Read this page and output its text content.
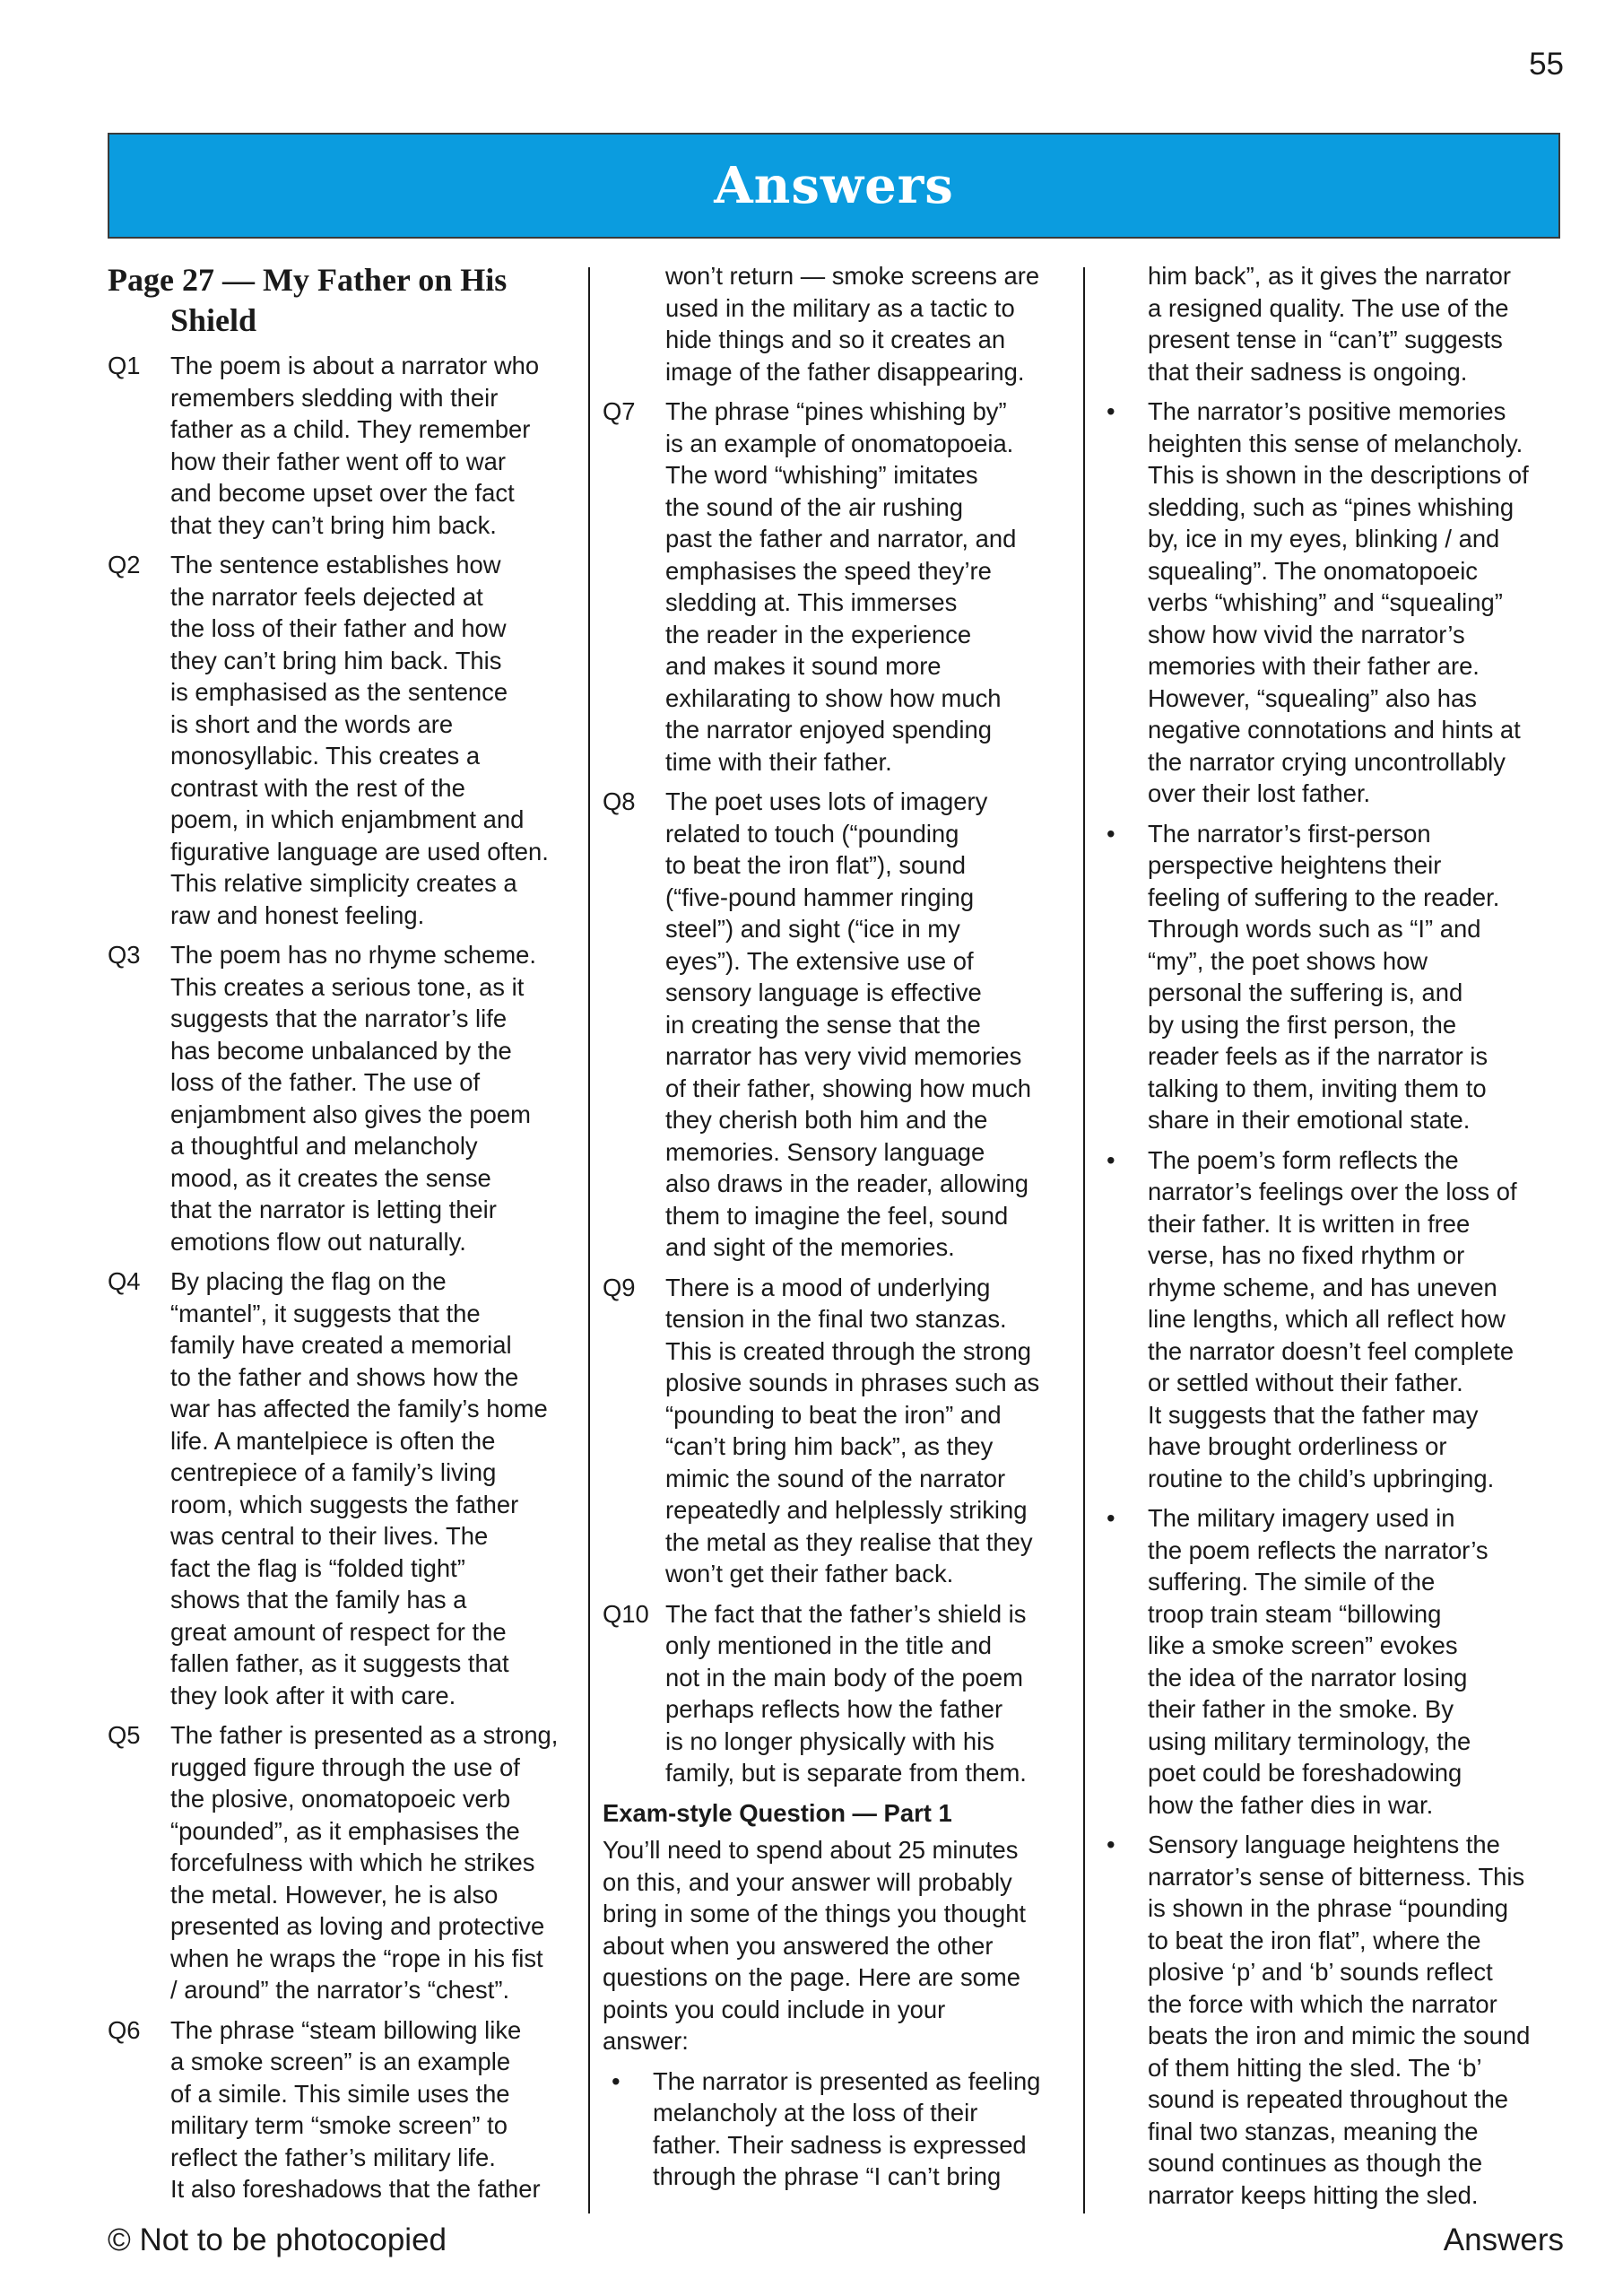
55
Answers
Page 27 — My Father on His Shield
Q1	The poem is about a narrator who
remembers sledding with their
father as a child. They remember
how their father went off to war
and become upset over the fact
that they can’t bring him back.
Q2	The sentence establishes how
the narrator feels dejected at
the loss of their father and how
they can’t bring him back. This
is emphasised as the sentence
is short and the words are
monosyllabic. This creates a
contrast with the rest of the
poem, in which enjambment and
figurative language are used often.
This relative simplicity creates a
raw and honest feeling.
Q3	The poem has no rhyme scheme.
This creates a serious tone, as it
suggests that the narrator’s life
has become unbalanced by the
loss of the father. The use of
enjambment also gives the poem
a thoughtful and melancholy
mood, as it creates the sense
that the narrator is letting their
emotions flow out naturally.
Q4	By placing the flag on the
“mantel”, it suggests that the
family have created a memorial
to the father and shows how the
war has affected the family’s home
life. A mantelpiece is often the
centrepiece of a family’s living
room, which suggests the father
was central to their lives. The
fact the flag is “folded tight”
shows that the family has a
great amount of respect for the
fallen father, as it suggests that
they look after it with care.
Q5	The father is presented as a strong,
rugged figure through the use of
the plosive, onomatopoeic verb
“pounded”, as it emphasises the
forcefulness with which he strikes
the metal. However, he is also
presented as loving and protective
when he wraps the “rope in his fist
/ around” the narrator’s “chest”.
Q6	The phrase “steam billowing like
a smoke screen” is an example
of a simile. This simile uses the
military term “smoke screen” to
reflect the father’s military life.
It also foreshadows that the father
won’t return — smoke screens are
used in the military as a tactic to
hide things and so it creates an
image of the father disappearing.
Q7	The phrase “pines whishing by”
is an example of onomatopoeia.
The word “whishing” imitates
the sound of the air rushing
past the father and narrator, and
emphasises the speed they’re
sledding at. This immerses
the reader in the experience
and makes it sound more
exhilarating to show how much
the narrator enjoyed spending
time with their father.
Q8	The poet uses lots of imagery
related to touch (“pounding
to beat the iron flat”), sound
(“five-pound hammer ringing
steel”) and sight (“ice in my
eyes”). The extensive use of
sensory language is effective
in creating the sense that the
narrator has very vivid memories
of their father, showing how much
they cherish both him and the
memories. Sensory language
also draws in the reader, allowing
them to imagine the feel, sound
and sight of the memories.
Q9	There is a mood of underlying
tension in the final two stanzas.
This is created through the strong
plosive sounds in phrases such as
“pounding to beat the iron” and
“can’t bring him back”, as they
mimic the sound of the narrator
repeatedly and helplessly striking
the metal as they realise that they
won’t get their father back.
Q10 The fact that the father’s shield is
only mentioned in the title and
not in the main body of the poem
perhaps reflects how the father
is no longer physically with his
family, but is separate from them.
Exam-style Question — Part 1
You’ll need to spend about 25 minutes
on this, and your answer will probably
bring in some of the things you thought
about when you answered the other
questions on the page. Here are some
points you could include in your
answer:
•	The narrator is presented as feeling
melancholy at the loss of their
father. Their sadness is expressed
through the phrase “I can’t bring
him back”, as it gives the narrator
a resigned quality. The use of the
present tense in “can’t” suggests
that their sadness is ongoing.
•	The narrator’s positive memories
heighten this sense of melancholy.
This is shown in the descriptions of
sledding, such as “pines whishing
by, ice in my eyes, blinking / and
squealing”. The onomatopoeic
verbs “whishing” and “squealing”
show how vivid the narrator’s
memories with their father are.
However, “squealing” also has
negative connotations and hints at
the narrator crying uncontrollably
over their lost father.
•	The narrator’s first-person
perspective heightens their
feeling of suffering to the reader.
Through words such as “I” and
“my”, the poet shows how
personal the suffering is, and
by using the first person, the
reader feels as if the narrator is
talking to them, inviting them to
share in their emotional state.
•	The poem’s form reflects the
narrator’s feelings over the loss of
their father. It is written in free
verse, has no fixed rhythm or
rhyme scheme, and has uneven
line lengths, which all reflect how
the narrator doesn’t feel complete
or settled without their father.
It suggests that the father may
have brought orderliness or
routine to the child’s upbringing.
•	The military imagery used in
the poem reflects the narrator’s
suffering. The simile of the
troop train steam “billowing
like a smoke screen” evokes
the idea of the narrator losing
their father in the smoke. By
using military terminology, the
poet could be foreshadowing
how the father dies in war.
•	Sensory language heightens the
narrator’s sense of bitterness. This
is shown in the phrase “pounding
to beat the iron flat”, where the
plosive ‘p’ and ‘b’ sounds reflect
the force with which the narrator
beats the iron and mimic the sound
of them hitting the sled. The ‘b’
sound is repeated throughout the
final two stanzas, meaning the
sound continues as though the
narrator keeps hitting the sled.
© Not to be photocopied	Answers
